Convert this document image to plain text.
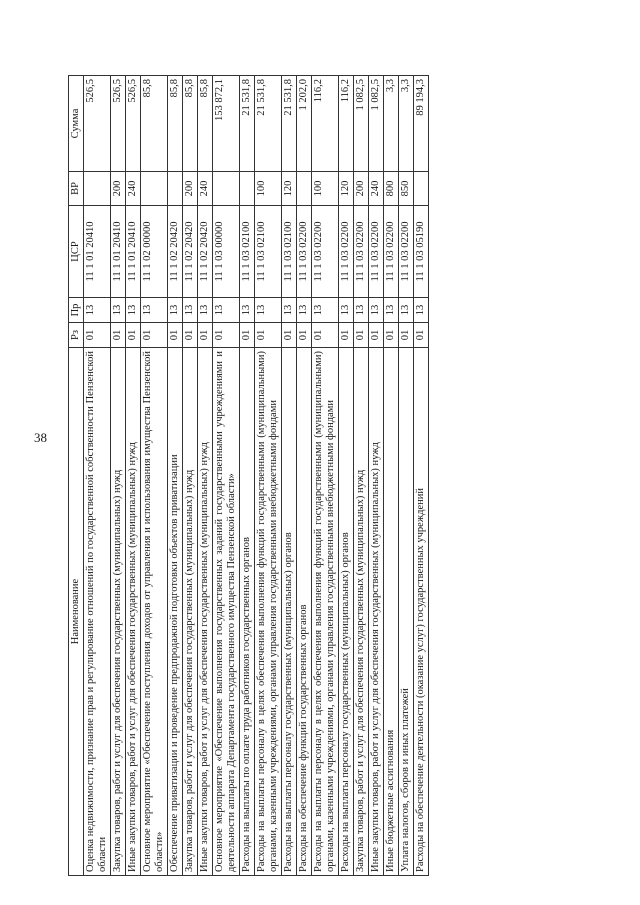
38
Наименование	Рз	Пр	ЦСР	ВР	Сумма
Оценка недвижимости, признание прав и регулирование отношений по государственной собственности Пензенской области	01	13	11 1 01 20410		526,5
Закупка товаров, работ и услуг для обеспечения государственных (муниципальных) нужд	01	13	11 1 01 20410	200	526,5
Иные закупки товаров, работ и услуг для обеспечения государственных (муниципальных) нужд	01	13	11 1 01 20410	240	526,5
Основное мероприятие «Обеспечение поступления доходов от управления и использования имущества Пензенской области»	01	13	11 1 02 00000		85,8
Обеспечение приватизации и проведение предпродажной подготовки объектов приватизации	01	13	11 1 02 20420		85,8
Закупка товаров, работ и услуг для обеспечения государственных (муниципальных) нужд	01	13	11 1 02 20420	200	85,8
Иные закупки товаров, работ и услуг для обеспечения государственных (муниципальных) нужд	01	13	11 1 02 20420	240	85,8
Основное мероприятие «Обеспечение выполнения государственных заданий государственными учреждениями и деятельности аппарата Департамента государственного имущества Пензенской области»	01	13	11 1 03 00000		153 872,1
Расходы на выплаты по оплате труда работников государственных органов	01	13	11 1 03 02100		21 531,8
Расходы на выплаты персоналу в целях обеспечения выполнения функций государственными (муниципальными) органами, казенными учреждениями, органами управления государственными внебюджетными фондами	01	13	11 1 03 02100	100	21 531,8
Расходы на выплаты персоналу государственных (муниципальных) органов	01	13	11 1 03 02100	120	21 531,8
Расходы на обеспечение функций государственных органов	01	13	11 1 03 02200		1 202,0
Расходы на выплаты персоналу в целях обеспечения выполнения функций государственными (муниципальными) органами, казенными учреждениями, органами управления государственными внебюджетными фондами	01	13	11 1 03 02200	100	116,2
Расходы на выплаты персоналу государственных (муниципальных) органов	01	13	11 1 03 02200	120	116,2
Закупка товаров, работ и услуг для обеспечения государственных (муниципальных) нужд	01	13	11 1 03 02200	200	1 082,5
Иные закупки товаров, работ и услуг для обеспечения государственных (муниципальных) нужд	01	13	11 1 03 02200	240	1 082,5
Иные бюджетные ассигнования	01	13	11 1 03 02200	800	3,3
Уплата налогов, сборов и иных платежей	01	13	11 1 03 02200	850	3,3
Расходы на обеспечение деятельности (оказание услуг) государственных учреждений	01	13	11 1 03 05190		89 194,3
